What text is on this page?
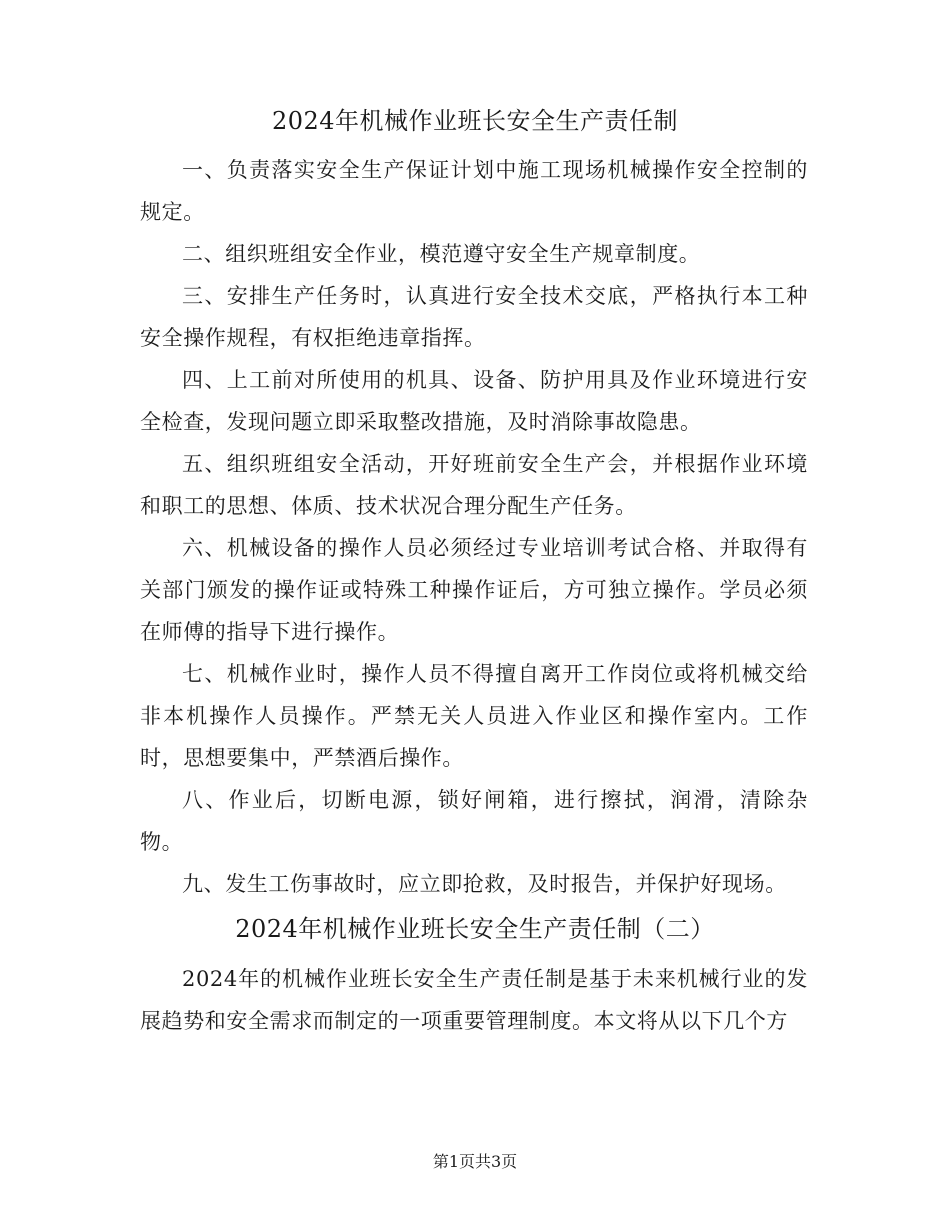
2024年机械作业班长安全生产责任制

一、负责落实安全生产保证计划中施工现场机械操作安全控制的规定。

二、组织班组安全作业，模范遵守安全生产规章制度。

三、安排生产任务时，认真进行安全技术交底，严格执行本工种安全操作规程，有权拒绝违章指挥。

四、上工前对所使用的机具、设备、防护用具及作业环境进行安全检查，发现问题立即采取整改措施，及时消除事故隐患。

五、组织班组安全活动，开好班前安全生产会，并根据作业环境和职工的思想、体质、技术状况合理分配生产任务。

六、机械设备的操作人员必须经过专业培训考试合格、并取得有关部门颁发的操作证或特殊工种操作证后，方可独立操作。学员必须在师傅的指导下进行操作。

七、机械作业时，操作人员不得擅自离开工作岗位或将机械交给非本机操作人员操作。严禁无关人员进入作业区和操作室内。工作时，思想要集中，严禁酒后操作。

八、作业后，切断电源，锁好闸箱，进行擦拭，润滑，清除杂物。

九、发生工伤事故时，应立即抢救，及时报告，并保护好现场。

2024年机械作业班长安全生产责任制（二）

2024年的机械作业班长安全生产责任制是基于未来机械行业的发展趋势和安全需求而制定的一项重要管理制度。本文将从以下几个方

第1页共3页
